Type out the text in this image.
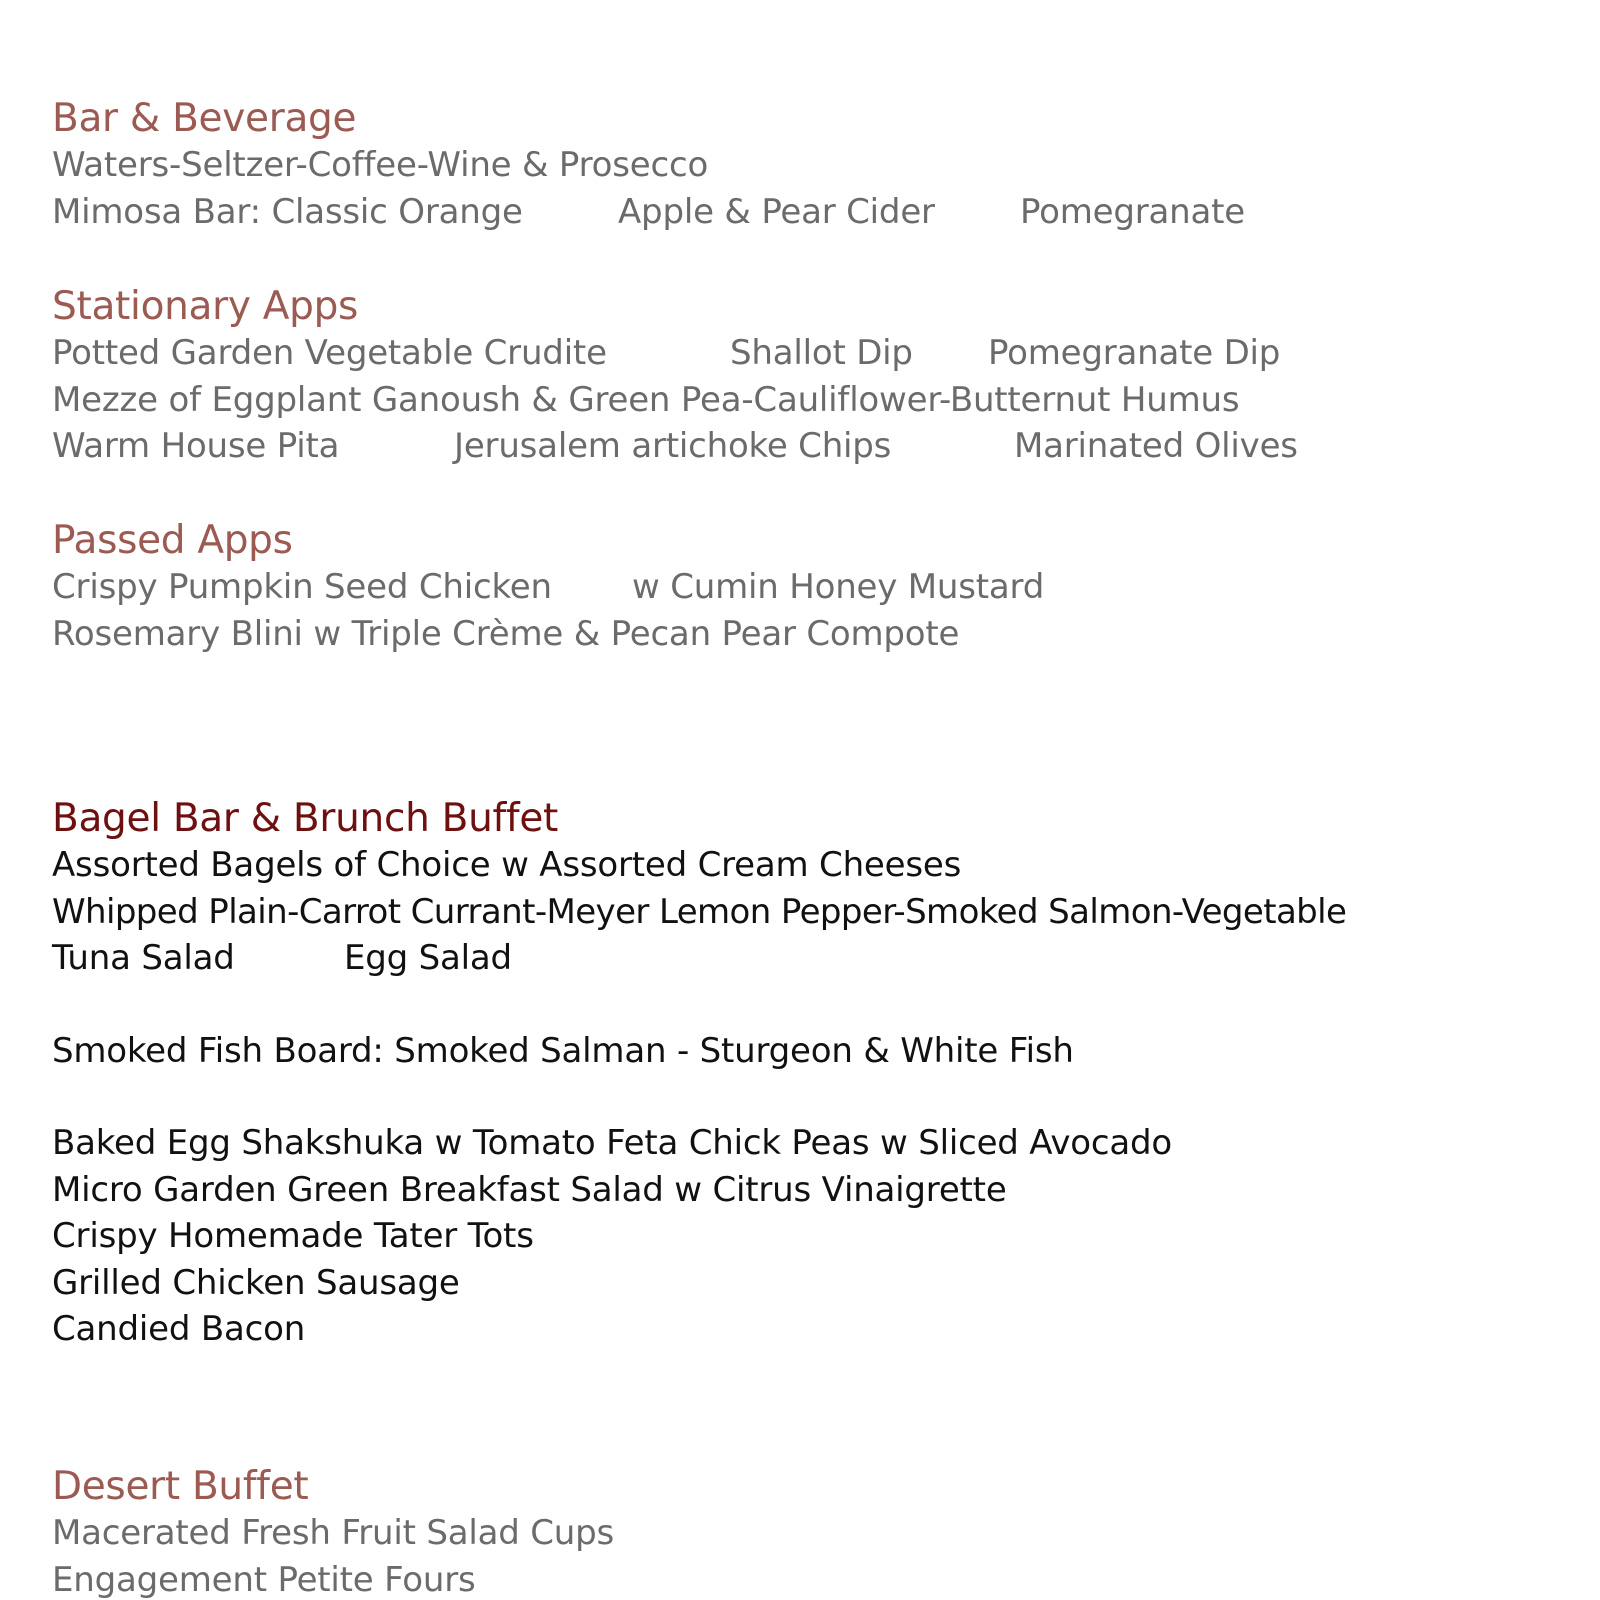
Bar & Beverage
Waters-Seltzer-Coffee-Wine & Prosecco
Mimosa Bar: Classic Orange	Apple & Pear Cider	Pomegranate
Stationary Apps
Potted Garden Vegetable Crudite	Shallot Dip	Pomegranate Dip
Mezze of Eggplant Ganoush & Green Pea-Cauliflower-Butternut Humus
Warm House Pita	Jerusalem artichoke Chips	Marinated Olives
Passed Apps
Crispy Pumpkin Seed Chicken	w Cumin Honey Mustard
Rosemary Blini w Triple Crème & Pecan Pear Compote
Bagel Bar & Brunch Buffet
Assorted Bagels of Choice w Assorted Cream Cheeses
Whipped Plain-Carrot Currant-Meyer Lemon Pepper-Smoked Salmon-Vegetable
Tuna Salad	Egg Salad
Smoked Fish Board: Smoked Salman - Sturgeon & White Fish
Baked Egg Shakshuka w Tomato Feta Chick Peas w Sliced Avocado
Micro Garden Green Breakfast Salad w Citrus Vinaigrette
Crispy Homemade Tater Tots
Grilled Chicken Sausage
Candied Bacon
Desert Buffet
Macerated Fresh Fruit Salad Cups
Engagement Petite Fours
